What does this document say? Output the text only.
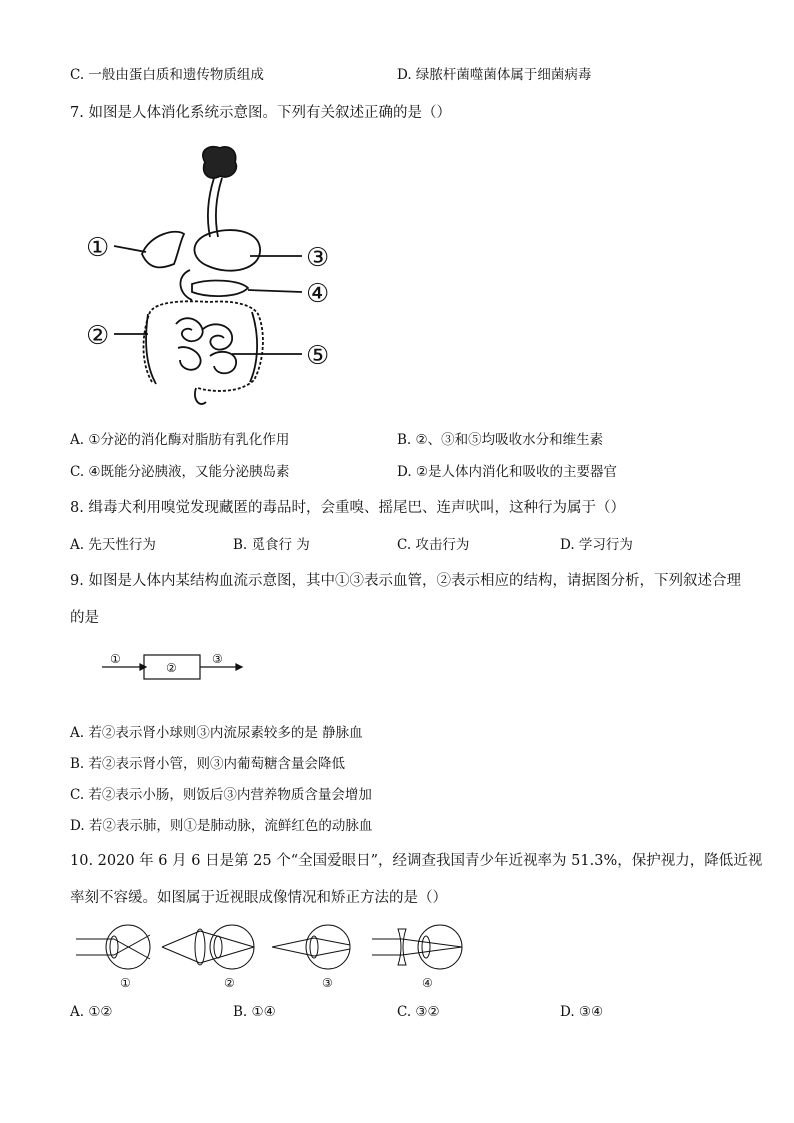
C. 一般由蛋白质和遗传物质组成	D. 绿脓杆菌噬菌体属于细菌病毒
7. 如图是人体消化系统示意图。下列有关叙述正确的是（）
①
②
③
④
⑤
A. ①分泌的消化酶对脂肪有乳化作用	B. ②、③和⑤均吸收水分和维生素
C. ④既能分泌胰液，又能分泌胰岛素	D. ②是人体内消化和吸收的主要器官
8. 缉毒犬利用嗅觉发现藏匿的毒品时，会重嗅、摇尾巴、连声吠叫，这种行为属于（）
A. 先天性行为	B. 觅食行 为	C. 攻击行为	D. 学习行为
9. 如图是人体内某结构血流示意图，其中①③表示血管，②表示相应的结构，请据图分析，下列叙述合理
的是
①
②
③
A. 若②表示肾小球则③内流尿素较多的是 静脉血
B. 若②表示肾小管，则③内葡萄糖含量会降低
C. 若②表示小肠，则饭后③内营养物质含量会增加
D. 若②表示肺，则①是肺动脉，流鲜红色的动脉血
10. 2020 年 6 月 6 日是第 25 个“全国爱眼日”，经调查我国青少年近视率为 51.3%，保护视力，降低近视
率刻不容缓。如图属于近视眼成像情况和矫正方法的是（）
①	②	③	④
A. ①②	B. ①④	C. ③②	D. ③④
